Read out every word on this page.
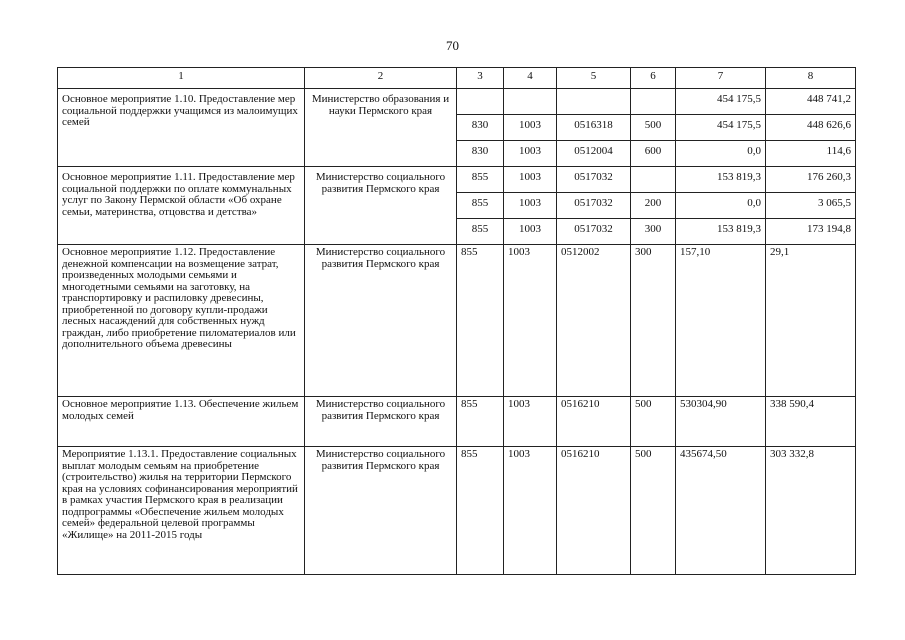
70
1	2	3	4	5	6	7	8
Основное мероприятие 1.10. Предоставление мер социальной поддержки учащимся из малоимущих семей	Министерство образования и науки Пермского края					454 175,5	448 741,2
		830	1003	0516318	500	454 175,5	448 626,6
		830	1003	0512004	600	0,0	114,6
Основное мероприятие 1.11. Предоставление мер социальной поддержки по оплате коммунальных услуг по Закону Пермской области «Об охране семьи, материнства, отцовства и детства»	Министерство социального развития Пермского края	855	1003	0517032		153 819,3	176 260,3
		855	1003	0517032	200	0,0	3 065,5
		855	1003	0517032	300	153 819,3	173 194,8
Основное мероприятие 1.12. Предоставление денежной компенсации на возмещение затрат, произведенных молодыми семьями и многодетными семьями на заготовку, на транспортировку и распиловку древесины, приобретенной по договору купли-продажи лесных насаждений для собственных нужд граждан, либо приобретение пиломатериалов или дополнительного объема древесины	Министерство социального развития Пермского края	855	1003	0512002	300	157,10	29,1
Основное мероприятие 1.13. Обеспечение жильем молодых семей	Министерство социального развития Пермского края	855	1003	0516210	500	530304,90	338 590,4
Мероприятие 1.13.1. Предоставление социальных выплат молодым семьям на приобретение (строительство) жилья на территории Пермского края на условиях софинансирования мероприятий в рамках участия Пермского края в реализации подпрограммы «Обеспечение жильем молодых семей» федеральной целевой программы «Жилище» на 2011-2015 годы	Министерство социального развития Пермского края	855	1003	0516210	500	435674,50	303 332,8
